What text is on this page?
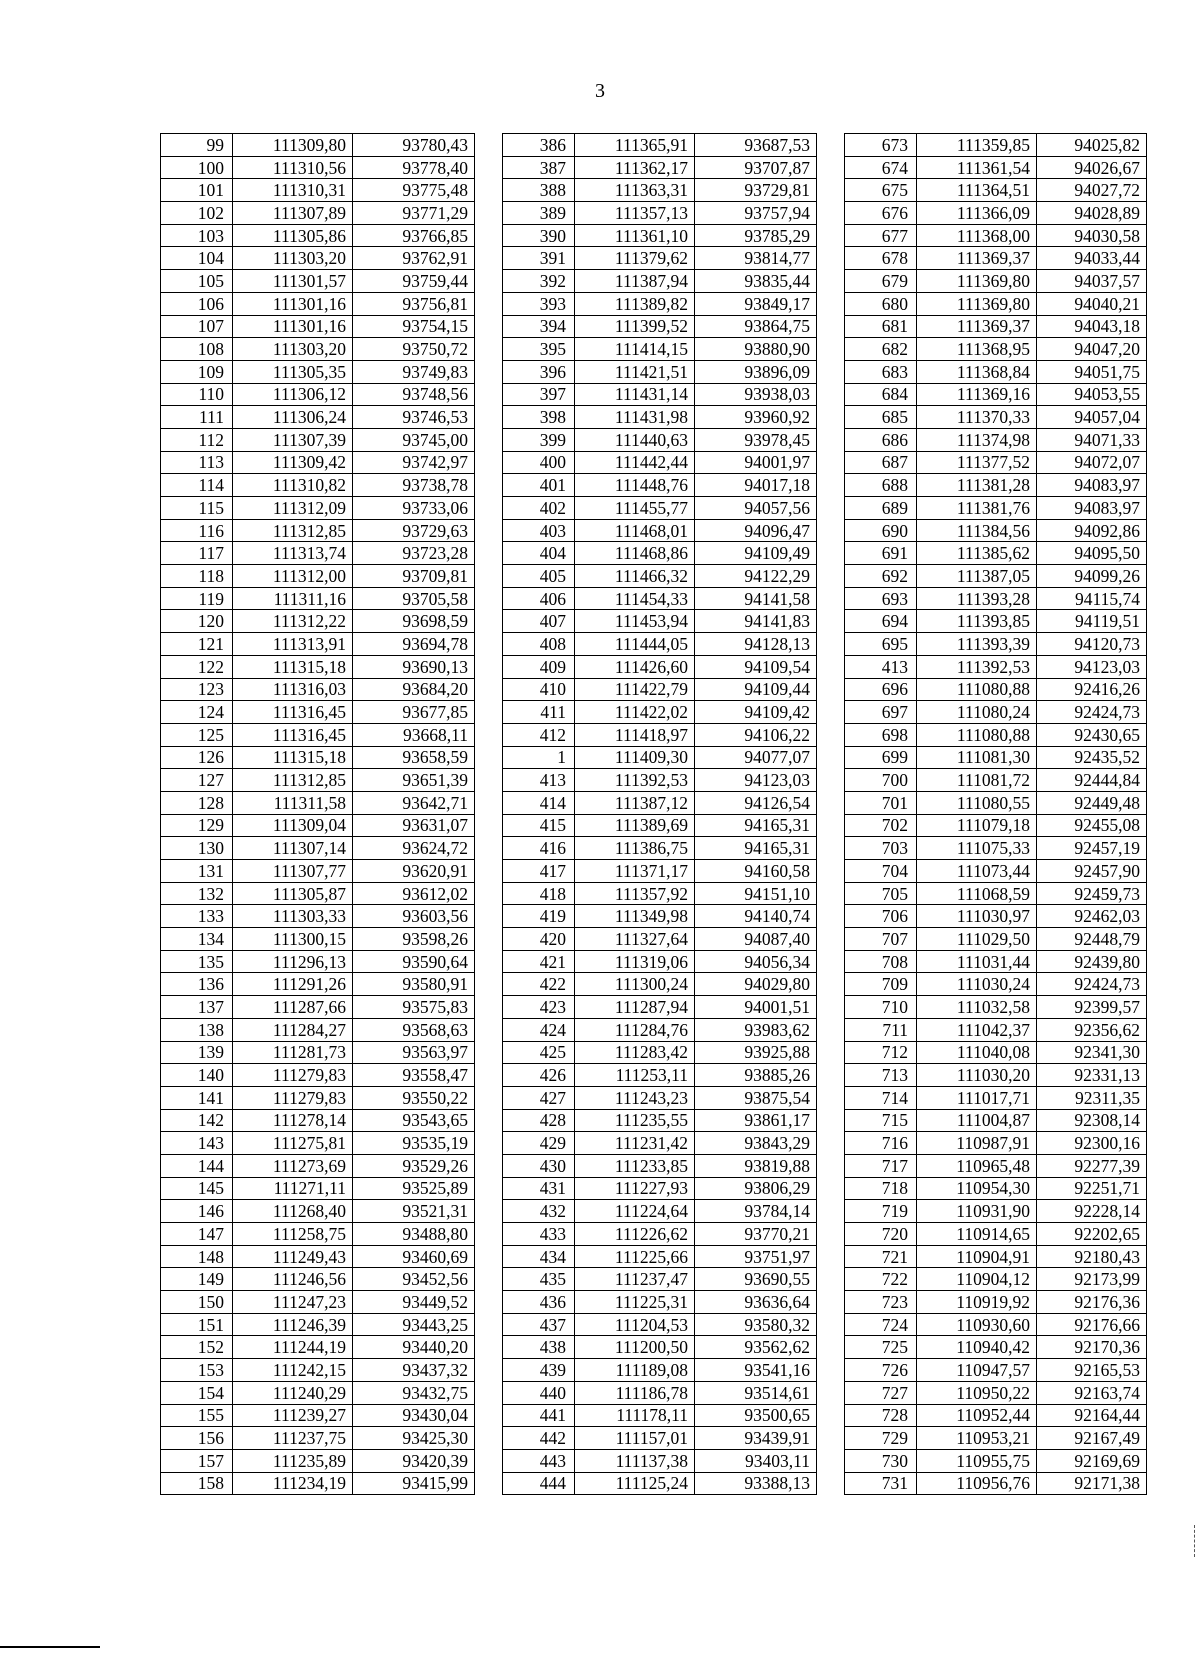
3
99	111309,80	93780,43		386	111365,91	93687,53		673	111359,85	94025,82
100	111310,56	93778,40		387	111362,17	93707,87		674	111361,54	94026,67
101	111310,31	93775,48		388	111363,31	93729,81		675	111364,51	94027,72
102	111307,89	93771,29		389	111357,13	93757,94		676	111366,09	94028,89
103	111305,86	93766,85		390	111361,10	93785,29		677	111368,00	94030,58
104	111303,20	93762,91		391	111379,62	93814,77		678	111369,37	94033,44
105	111301,57	93759,44		392	111387,94	93835,44		679	111369,80	94037,57
106	111301,16	93756,81		393	111389,82	93849,17		680	111369,80	94040,21
107	111301,16	93754,15		394	111399,52	93864,75		681	111369,37	94043,18
108	111303,20	93750,72		395	111414,15	93880,90		682	111368,95	94047,20
109	111305,35	93749,83		396	111421,51	93896,09		683	111368,84	94051,75
110	111306,12	93748,56		397	111431,14	93938,03		684	111369,16	94053,55
111	111306,24	93746,53		398	111431,98	93960,92		685	111370,33	94057,04
112	111307,39	93745,00		399	111440,63	93978,45		686	111374,98	94071,33
113	111309,42	93742,97		400	111442,44	94001,97		687	111377,52	94072,07
114	111310,82	93738,78		401	111448,76	94017,18		688	111381,28	94083,97
115	111312,09	93733,06		402	111455,77	94057,56		689	111381,76	94083,97
116	111312,85	93729,63		403	111468,01	94096,47		690	111384,56	94092,86
117	111313,74	93723,28		404	111468,86	94109,49		691	111385,62	94095,50
118	111312,00	93709,81		405	111466,32	94122,29		692	111387,05	94099,26
119	111311,16	93705,58		406	111454,33	94141,58		693	111393,28	94115,74
120	111312,22	93698,59		407	111453,94	94141,83		694	111393,85	94119,51
121	111313,91	93694,78		408	111444,05	94128,13		695	111393,39	94120,73
122	111315,18	93690,13		409	111426,60	94109,54		413	111392,53	94123,03
123	111316,03	93684,20		410	111422,79	94109,44		696	111080,88	92416,26
124	111316,45	93677,85		411	111422,02	94109,42		697	111080,24	92424,73
125	111316,45	93668,11		412	111418,97	94106,22		698	111080,88	92430,65
126	111315,18	93658,59		1	111409,30	94077,07		699	111081,30	92435,52
127	111312,85	93651,39		413	111392,53	94123,03		700	111081,72	92444,84
128	111311,58	93642,71		414	111387,12	94126,54		701	111080,55	92449,48
129	111309,04	93631,07		415	111389,69	94165,31		702	111079,18	92455,08
130	111307,14	93624,72		416	111386,75	94165,31		703	111075,33	92457,19
131	111307,77	93620,91		417	111371,17	94160,58		704	111073,44	92457,90
132	111305,87	93612,02		418	111357,92	94151,10		705	111068,59	92459,73
133	111303,33	93603,56		419	111349,98	94140,74		706	111030,97	92462,03
134	111300,15	93598,26		420	111327,64	94087,40		707	111029,50	92448,79
135	111296,13	93590,64		421	111319,06	94056,34		708	111031,44	92439,80
136	111291,26	93580,91		422	111300,24	94029,80		709	111030,24	92424,73
137	111287,66	93575,83		423	111287,94	94001,51		710	111032,58	92399,57
138	111284,27	93568,63		424	111284,76	93983,62		711	111042,37	92356,62
139	111281,73	93563,97		425	111283,42	93925,88		712	111040,08	92341,30
140	111279,83	93558,47		426	111253,11	93885,26		713	111030,20	92331,13
141	111279,83	93550,22		427	111243,23	93875,54		714	111017,71	92311,35
142	111278,14	93543,65		428	111235,55	93861,17		715	111004,87	92308,14
143	111275,81	93535,19		429	111231,42	93843,29		716	110987,91	92300,16
144	111273,69	93529,26		430	111233,85	93819,88		717	110965,48	92277,39
145	111271,11	93525,89		431	111227,93	93806,29		718	110954,30	92251,71
146	111268,40	93521,31		432	111224,64	93784,14		719	110931,90	92228,14
147	111258,75	93488,80		433	111226,62	93770,21		720	110914,65	92202,65
148	111249,43	93460,69		434	111225,66	93751,97		721	110904,91	92180,43
149	111246,56	93452,56		435	111237,47	93690,55		722	110904,12	92173,99
150	111247,23	93449,52		436	111225,31	93636,64		723	110919,92	92176,36
151	111246,39	93443,25		437	111204,53	93580,32		724	110930,60	92176,66
152	111244,19	93440,20		438	111200,50	93562,62		725	110940,42	92170,36
153	111242,15	93437,32		439	111189,08	93541,16		726	110947,57	92165,53
154	111240,29	93432,75		440	111186,78	93514,61		727	110950,22	92163,74
155	111239,27	93430,04		441	111178,11	93500,65		728	110952,44	92164,44
156	111237,75	93425,30		442	111157,01	93439,91		729	110953,21	92167,49
157	111235,89	93420,39		443	111137,38	93403,11		730	110955,75	92169,69
158	111234,19	93415,99		444	111125,24	93388,13		731	110956,76	92171,38
